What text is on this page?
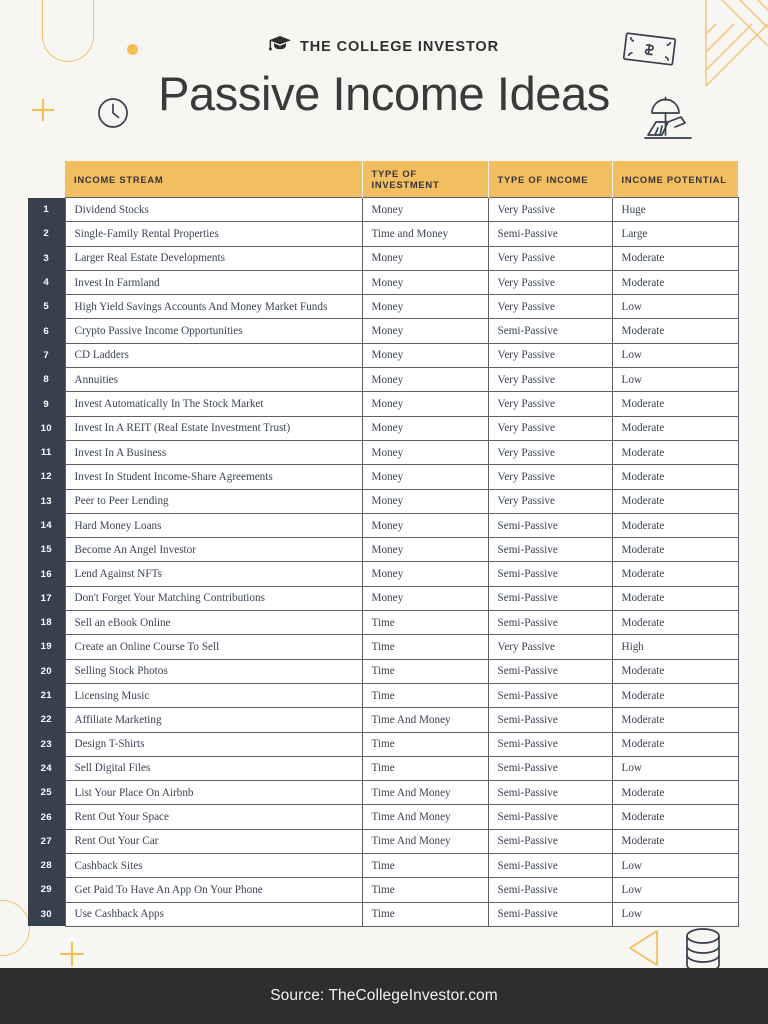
THE COLLEGE INVESTOR
Passive Income Ideas
	INCOME STREAM	TYPE OF INVESTMENT	TYPE OF INCOME	INCOME POTENTIAL
1	Dividend Stocks	Money	Very Passive	Huge
2	Single-Family Rental Properties	Time and Money	Semi-Passive	Large
3	Larger Real Estate Developments	Money	Very Passive	Moderate
4	Invest In Farmland	Money	Very Passive	Moderate
5	High Yield Savings Accounts And Money Market Funds	Money	Very Passive	Low
6	Crypto Passive Income Opportunities	Money	Semi-Passive	Moderate
7	CD Ladders	Money	Very Passive	Low
8	Annuities	Money	Very Passive	Low
9	Invest Automatically In The Stock Market	Money	Very Passive	Moderate
10	Invest In A REIT (Real Estate Investment Trust)	Money	Very Passive	Moderate
11	Invest In A Business	Money	Very Passive	Moderate
12	Invest In Student Income-Share Agreements	Money	Very Passive	Moderate
13	Peer to Peer Lending	Money	Very Passive	Moderate
14	Hard Money Loans	Money	Semi-Passive	Moderate
15	Become An Angel Investor	Money	Semi-Passive	Moderate
16	Lend Against NFTs	Money	Semi-Passive	Moderate
17	Don't Forget Your Matching Contributions	Money	Semi-Passive	Moderate
18	Sell an eBook Online	Time	Semi-Passive	Moderate
19	Create an Online Course To Sell	Time	Very Passive	High
20	Selling Stock Photos	Time	Semi-Passive	Moderate
21	Licensing Music	Time	Semi-Passive	Moderate
22	Affiliate Marketing	Time And Money	Semi-Passive	Moderate
23	Design T-Shirts	Time	Semi-Passive	Moderate
24	Sell Digital Files	Time	Semi-Passive	Low
25	List Your Place On Airbnb	Time And Money	Semi-Passive	Moderate
26	Rent Out Your Space	Time And Money	Semi-Passive	Moderate
27	Rent Out Your Car	Time And Money	Semi-Passive	Moderate
28	Cashback Sites	Time	Semi-Passive	Low
29	Get Paid To Have An App On Your Phone	Time	Semi-Passive	Low
30	Use Cashback Apps	Time	Semi-Passive	Low
Source: TheCollegeInvestor.com
